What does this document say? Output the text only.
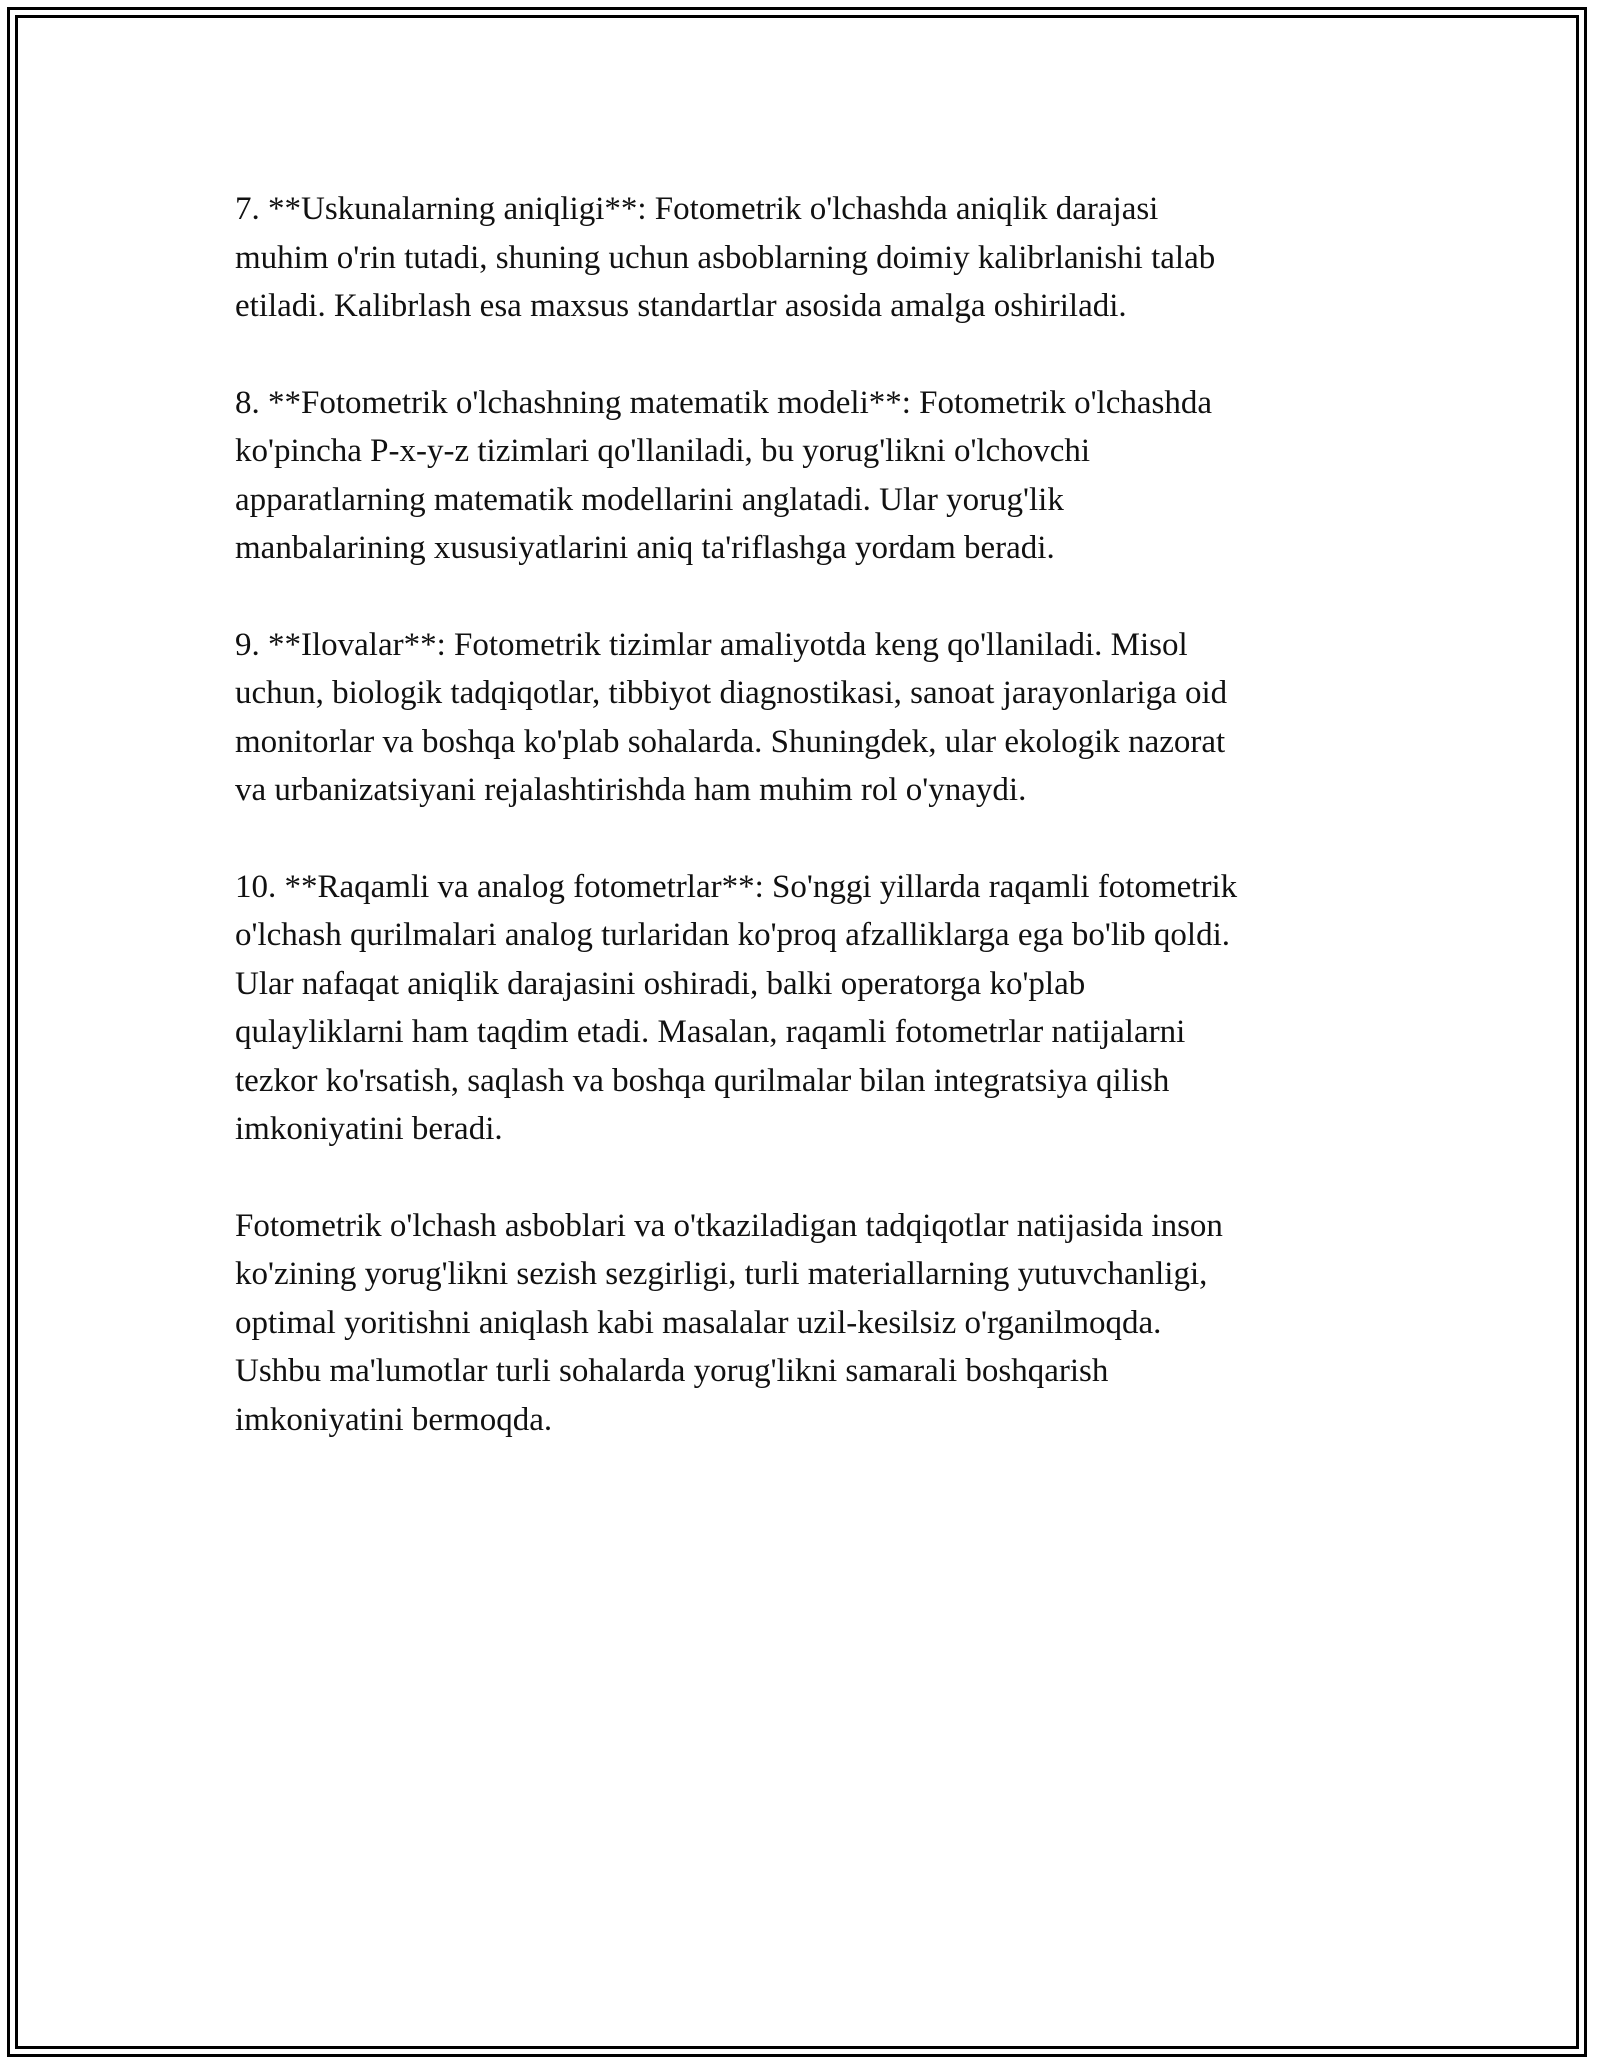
7. **Uskunalarning aniqligi**: Fotometrik o'lchashda aniqlik darajasi
muhim o'rin tutadi, shuning uchun asboblarning doimiy kalibrlanishi talab
etiladi. Kalibrlash esa maxsus standartlar asosida amalga oshiriladi.

8. **Fotometrik o'lchashning matematik modeli**: Fotometrik o'lchashda
ko'pincha P-x-y-z tizimlari qo'llaniladi, bu yorug'likni o'lchovchi
apparatlarning matematik modellarini anglatadi. Ular yorug'lik
manbalarining xususiyatlarini aniq ta'riflashga yordam beradi.

9. **Ilovalar**: Fotometrik tizimlar amaliyotda keng qo'llaniladi. Misol
uchun, biologik tadqiqotlar, tibbiyot diagnostikasi, sanoat jarayonlariga oid
monitorlar va boshqa ko'plab sohalarda. Shuningdek, ular ekologik nazorat
va urbanizatsiyani rejalashtirishda ham muhim rol o'ynaydi.

10. **Raqamli va analog fotometrlar**: So'nggi yillarda raqamli fotometrik
o'lchash qurilmalari analog turlaridan ko'proq afzalliklarga ega bo'lib qoldi.
Ular nafaqat aniqlik darajasini oshiradi, balki operatorga ko'plab
qulayliklarni ham taqdim etadi. Masalan, raqamli fotometrlar natijalarni
tezkor ko'rsatish, saqlash va boshqa qurilmalar bilan integratsiya qilish
imkoniyatini beradi.

Fotometrik o'lchash asboblari va o'tkaziladigan tadqiqotlar natijasida inson
ko'zining yorug'likni sezish sezgirligi, turli materiallarning yutuvchanligi,
optimal yoritishni aniqlash kabi masalalar uzil-kesilsiz o'rganilmoqda.
Ushbu ma'lumotlar turli sohalarda yorug'likni samarali boshqarish
imkoniyatini bermoqda.
